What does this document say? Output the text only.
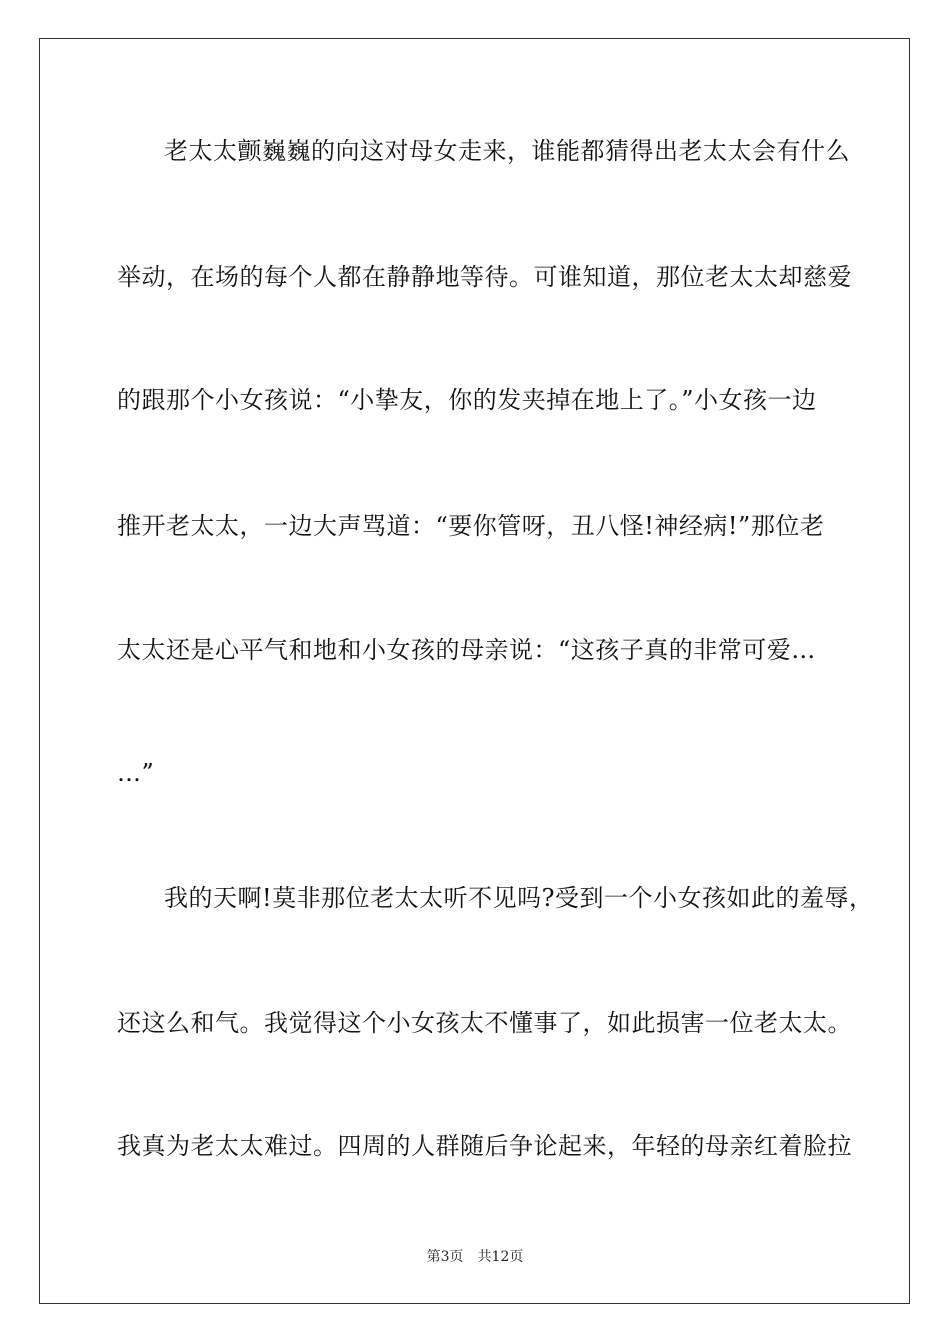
老太太颤巍巍的向这对母女走来，谁能都猜得出老太太会有什么
举动，在场的每个人都在静静地等待。可谁知道，那位老太太却慈爱
的跟那个小女孩说：“小挚友，你的发夹掉在地上了。”小女孩一边
推开老太太，一边大声骂道：“要你管呀，丑八怪!神经病!”那位老
太太还是心平气和地和小女孩的母亲说：“这孩子真的非常可爱…
…”
我的天啊!莫非那位老太太听不见吗?受到一个小女孩如此的羞辱，
还这么和气。我觉得这个小女孩太不懂事了，如此损害一位老太太。
我真为老太太难过。四周的人群随后争论起来，年轻的母亲红着脸拉
第3页　共12页
